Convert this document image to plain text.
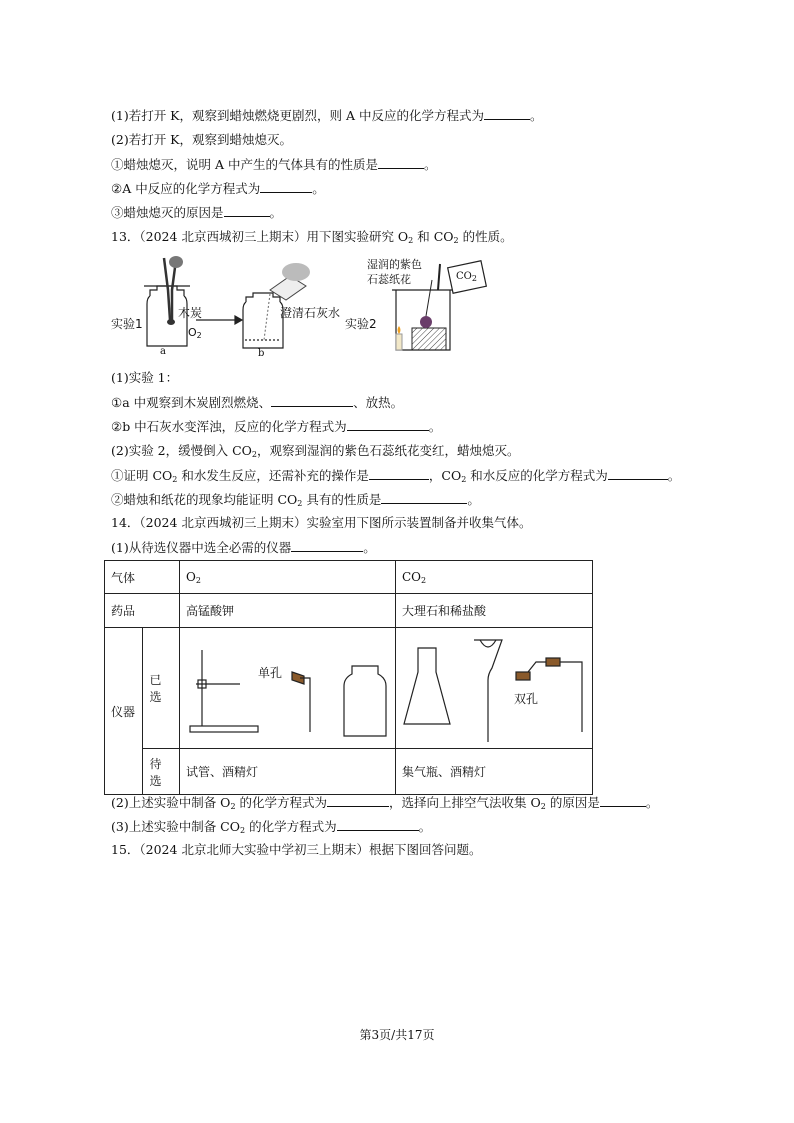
(1)若打开 K，观察到蜡烛燃烧更剧烈，则 A 中反应的化学方程式为	。
(2)若打开 K，观察到蜡烛熄灭。
①蜡烛熄灭，说明 A 中产生的气体具有的性质是	。
②A 中反应的化学方程式为	。
③蜡烛熄灭的原因是	。
13．（2024 北京西城初三上期末）用下图实验研究 $O_2$ 和 $CO_2$ 的性质。
实验1
木炭
$O_2$
a	b
澄清石灰水
实验2
湿润的紫色
石蕊纸花	$CO_2$
(1)实验 1：
①a 中观察到木炭剧烈燃烧、	、放热。
②b 中石灰水变浑浊，反应的化学方程式为	。
(2)实验 2，缓慢倒入 $CO_2$，观察到湿润的紫色石蕊纸花变红，蜡烛熄灭。
①证明 $CO_2$ 和水发生反应，还需补充的操作是	，$CO_2$ 和水反应的化学方程式为	。
②蜡烛和纸花的现象均能证明 $CO_2$ 具有的性质是	。
14．（2024 北京西城初三上期末）实验室用下图所示装置制备并收集气体。
(1)从待选仪器中选全必需的仪器	。
气体		$O_2$	$CO_2$
药品		高锰酸钾	大理石和稀盐酸
仪器	已选	单孔	双孔

	待选	试管、酒精灯	集气瓶、酒精灯
(2)上述实验中制备 $O_2$ 的化学方程式为	，选择向上排空气法收集 $O_2$ 的原因是	。
(3)上述实验中制备 $CO_2$ 的化学方程式为	。
15．（2024 北京北师大实验中学初三上期末）根据下图回答问题。
第3页/共17页
